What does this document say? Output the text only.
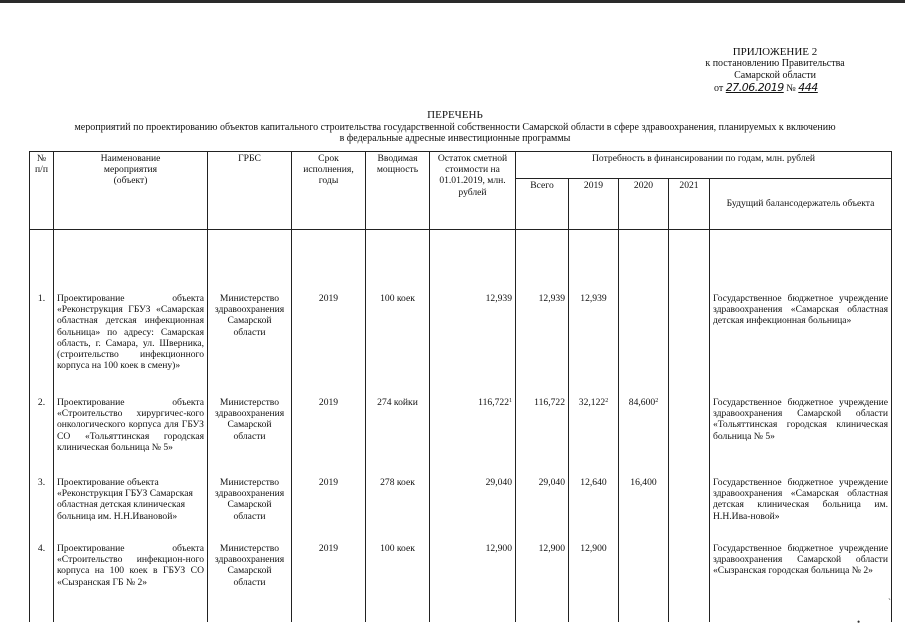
ПРИЛОЖЕНИЕ 2
к постановлению Правительства
Самарской области
от 27.06.2019 № 444
ПЕРЕЧЕНЬ
мероприятий по проектированию объектов капитального строительства государственной собственности Самарской области в сфере здравоохранения, планируемых к включению
в федеральные адресные инвестиционные программы
№ п/п	Наименование
мероприятия
(объект)	ГРБС	Срок исполнения, годы	Вводимая мощность	Остаток сметной стоимости на 01.01.2019, млн. рублей	Потребность в финансировании по годам, млн. рублей				
						Всего	2019	2020	2021	Будущий балансодержатель объекта

1.	Проектирование объекта «Реконструкция ГБУЗ «Самарская областная детская инфекционная больница» по адресу: Самарская область, г. Самара, ул. Шверника, (строительство инфекционного корпуса на 100 коек в смену)»	Министерство здравоохранения Самарской области	2019	100 коек	12,939	12,939	12,939			Государственное бюджетное учреждение здравоохранения «Самарская областная детская инфекционная больница»
2.	Проектирование объекта «Строительство хирургичес-кого онкологического корпуса для ГБУЗ СО «Тольяттинская городская клиническая больница № 5»	Министерство здравоохранения Самарской области	2019	274 койки	116,722$^1$	116,722	32,122$^2$	84,600$^2$		Государственное бюджетное учреждение здравоохранения Самарской области «Тольяттинская городская клиническая больница № 5»
3.	Проектирование объекта «Реконструкция ГБУЗ Самарская областная детская клиническая больница им. Н.Н.Ивановой»	Министерство здравоохранения Самарской области	2019	278 коек	29,040	29,040	12,640	16,400		Государственное бюджетное учреждение здравоохранения «Самарская областная детская клиническая больница им. Н.Н.Ива-новой»
4.	Проектирование объекта «Строительство инфекцион-ного корпуса на 100 коек в ГБУЗ СО «Сызранская ГБ № 2»	Министерство здравоохранения Самарской области	2019	100 коек	12,900	12,900	12,900			Государственное бюджетное учреждение здравоохранения Самарской области «Сызранская городская больница № 2»
ˋ
•
